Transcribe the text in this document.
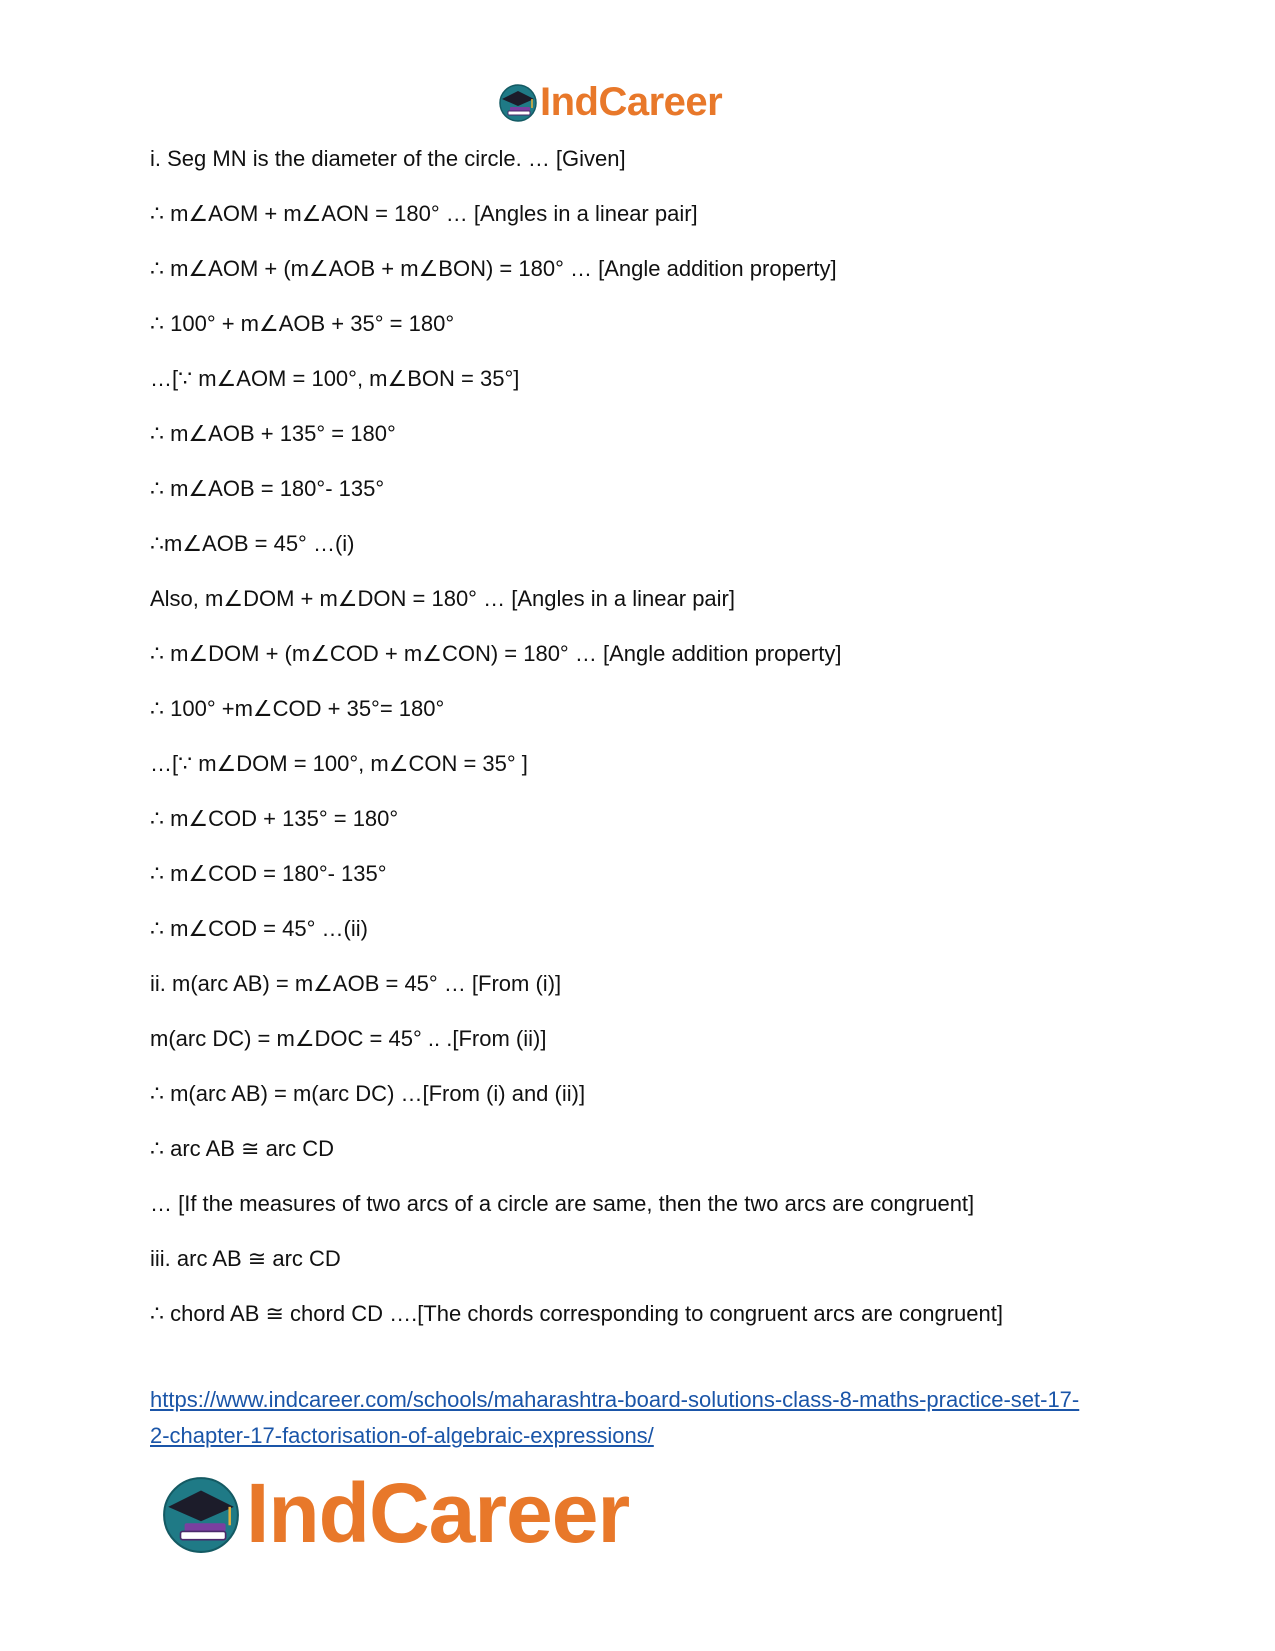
IndCareer
i. Seg MN is the diameter of the circle. … [Given]
∴ m∠AOM + m∠AON = 180° … [Angles in a linear pair]
∴ m∠AOM + (m∠AOB + m∠BON) = 180° … [Angle addition property]
∴ 100° + m∠AOB + 35° = 180°
…[∵ m∠AOM = 100°, m∠BON = 35°]
∴ m∠AOB + 135° = 180°
∴ m∠AOB = 180°- 135°
∴m∠AOB = 45° …(i)
Also, m∠DOM + m∠DON = 180° … [Angles in a linear pair]
∴ m∠DOM + (m∠COD + m∠CON) = 180° … [Angle addition property]
∴ 100° +m∠COD + 35°= 180°
…[∵ m∠DOM = 100°, m∠CON = 35° ]
∴ m∠COD + 135° = 180°
∴ m∠COD = 180°- 135°
∴ m∠COD = 45° …(ii)
ii. m(arc AB) = m∠AOB = 45° … [From (i)]
m(arc DC) = m∠DOC = 45° .. .[From (ii)]
∴ m(arc AB) = m(arc DC) …[From (i) and (ii)]
∴ arc AB ≅ arc CD
… [If the measures of two arcs of a circle are same, then the two arcs are congruent]
iii. arc AB ≅ arc CD
∴ chord AB ≅ chord CD ….[The chords corresponding to congruent arcs are congruent]
https://www.indcareer.com/schools/maharashtra-board-solutions-class-8-maths-practice-set-17-
2-chapter-17-factorisation-of-algebraic-expressions/
IndCareer
